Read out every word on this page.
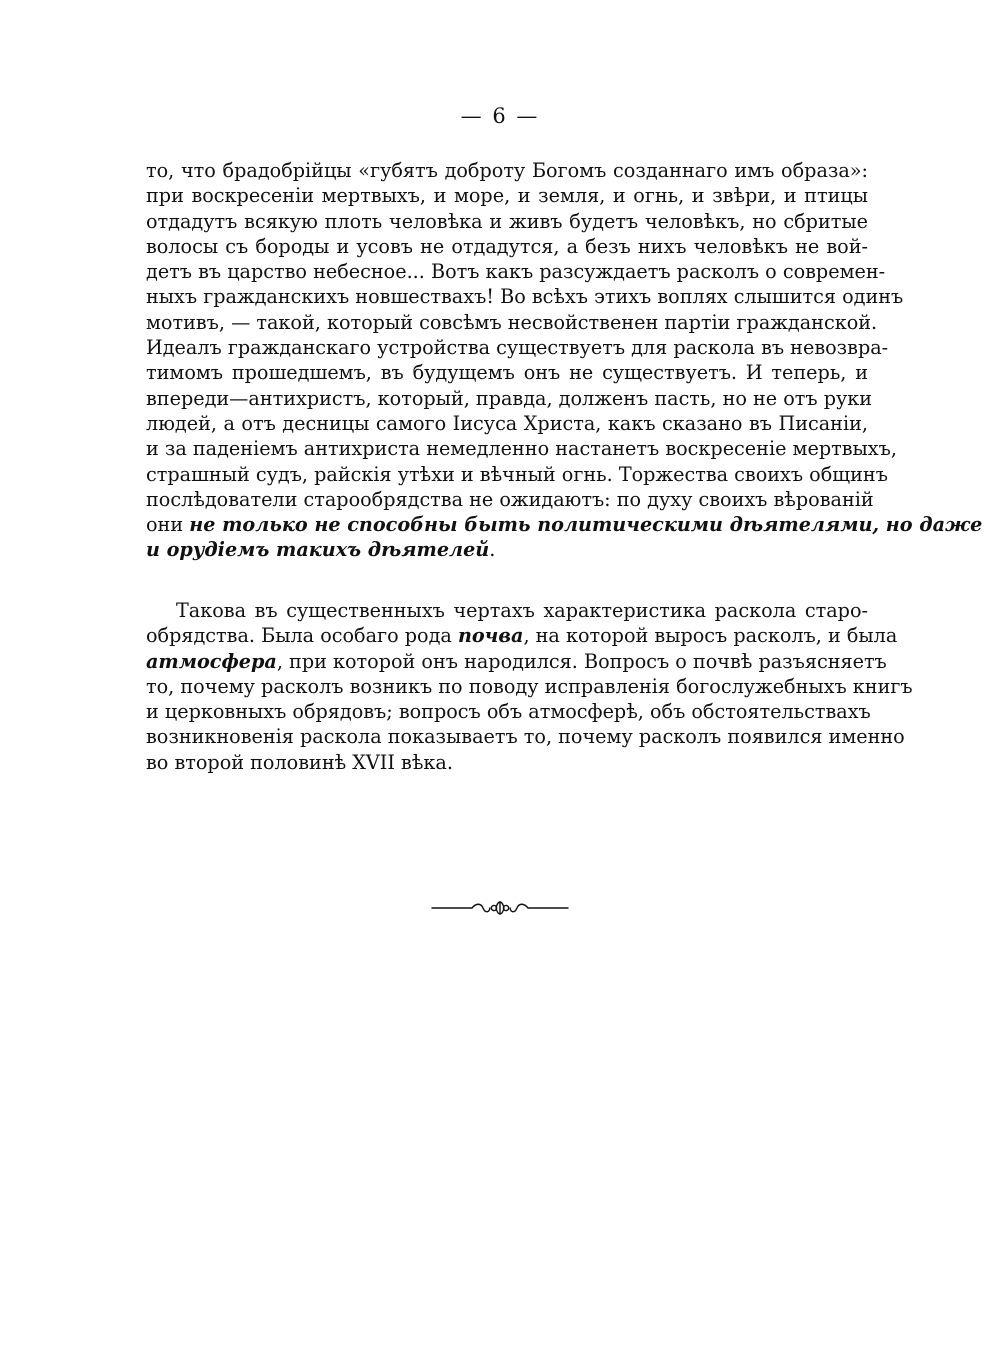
— 6 —
то, что брадобрійцы «губятъ доброту Богомъ созданнаго имъ образа»:
при воскресеніи мертвыхъ, и море, и земля, и огнь, и звѣри, и птицы
отдадутъ всякую плоть человѣка и живъ будетъ человѣкъ, но сбритые
волосы съ бороды и усовъ не отдадутся, а безъ нихъ человѣкъ не вой-
детъ въ царство небесное... Вотъ какъ разсуждаетъ расколъ о современ-
ныхъ гражданскихъ новшествахъ! Во всѣхъ этихъ воплях слышится одинъ
мотивъ, — такой, который совсѣмъ несвойственен партіи гражданской.
Идеалъ гражданскаго устройства существуетъ для раскола въ невозвра-
тимомъ прошедшемъ, въ будущемъ онъ не существуетъ. И теперь, и
впереди—антихристъ, который, правда, долженъ пасть, но не отъ руки
людей, а отъ десницы самого Іисуса Христа, какъ сказано въ Писаніи,
и за паденіемъ антихриста немедленно настанетъ воскресеніе мертвыхъ,
страшный судъ, райскія утѣхи и вѣчный огнь. Торжества своихъ общинъ
послѣдователи старообрядства не ожидаютъ: по духу своихъ вѣрованій
они не только не способны быть политическими дѣятелями, но даже
и орудіемъ такихъ дѣятелей.
Такова въ существенныхъ чертахъ характеристика раскола старо-
обрядства. Была особаго рода почва, на которой выросъ расколъ, и была
атмосфера, при которой онъ народился. Вопросъ о почвѣ разъясняетъ
то, почему расколъ возникъ по поводу исправленія богослужебныхъ книгъ
и церковныхъ обрядовъ; вопросъ объ атмосферѣ, объ обстоятельствахъ
возникновенія раскола показываетъ то, почему расколъ появился именно
во второй половинѣ XVII вѣка.
